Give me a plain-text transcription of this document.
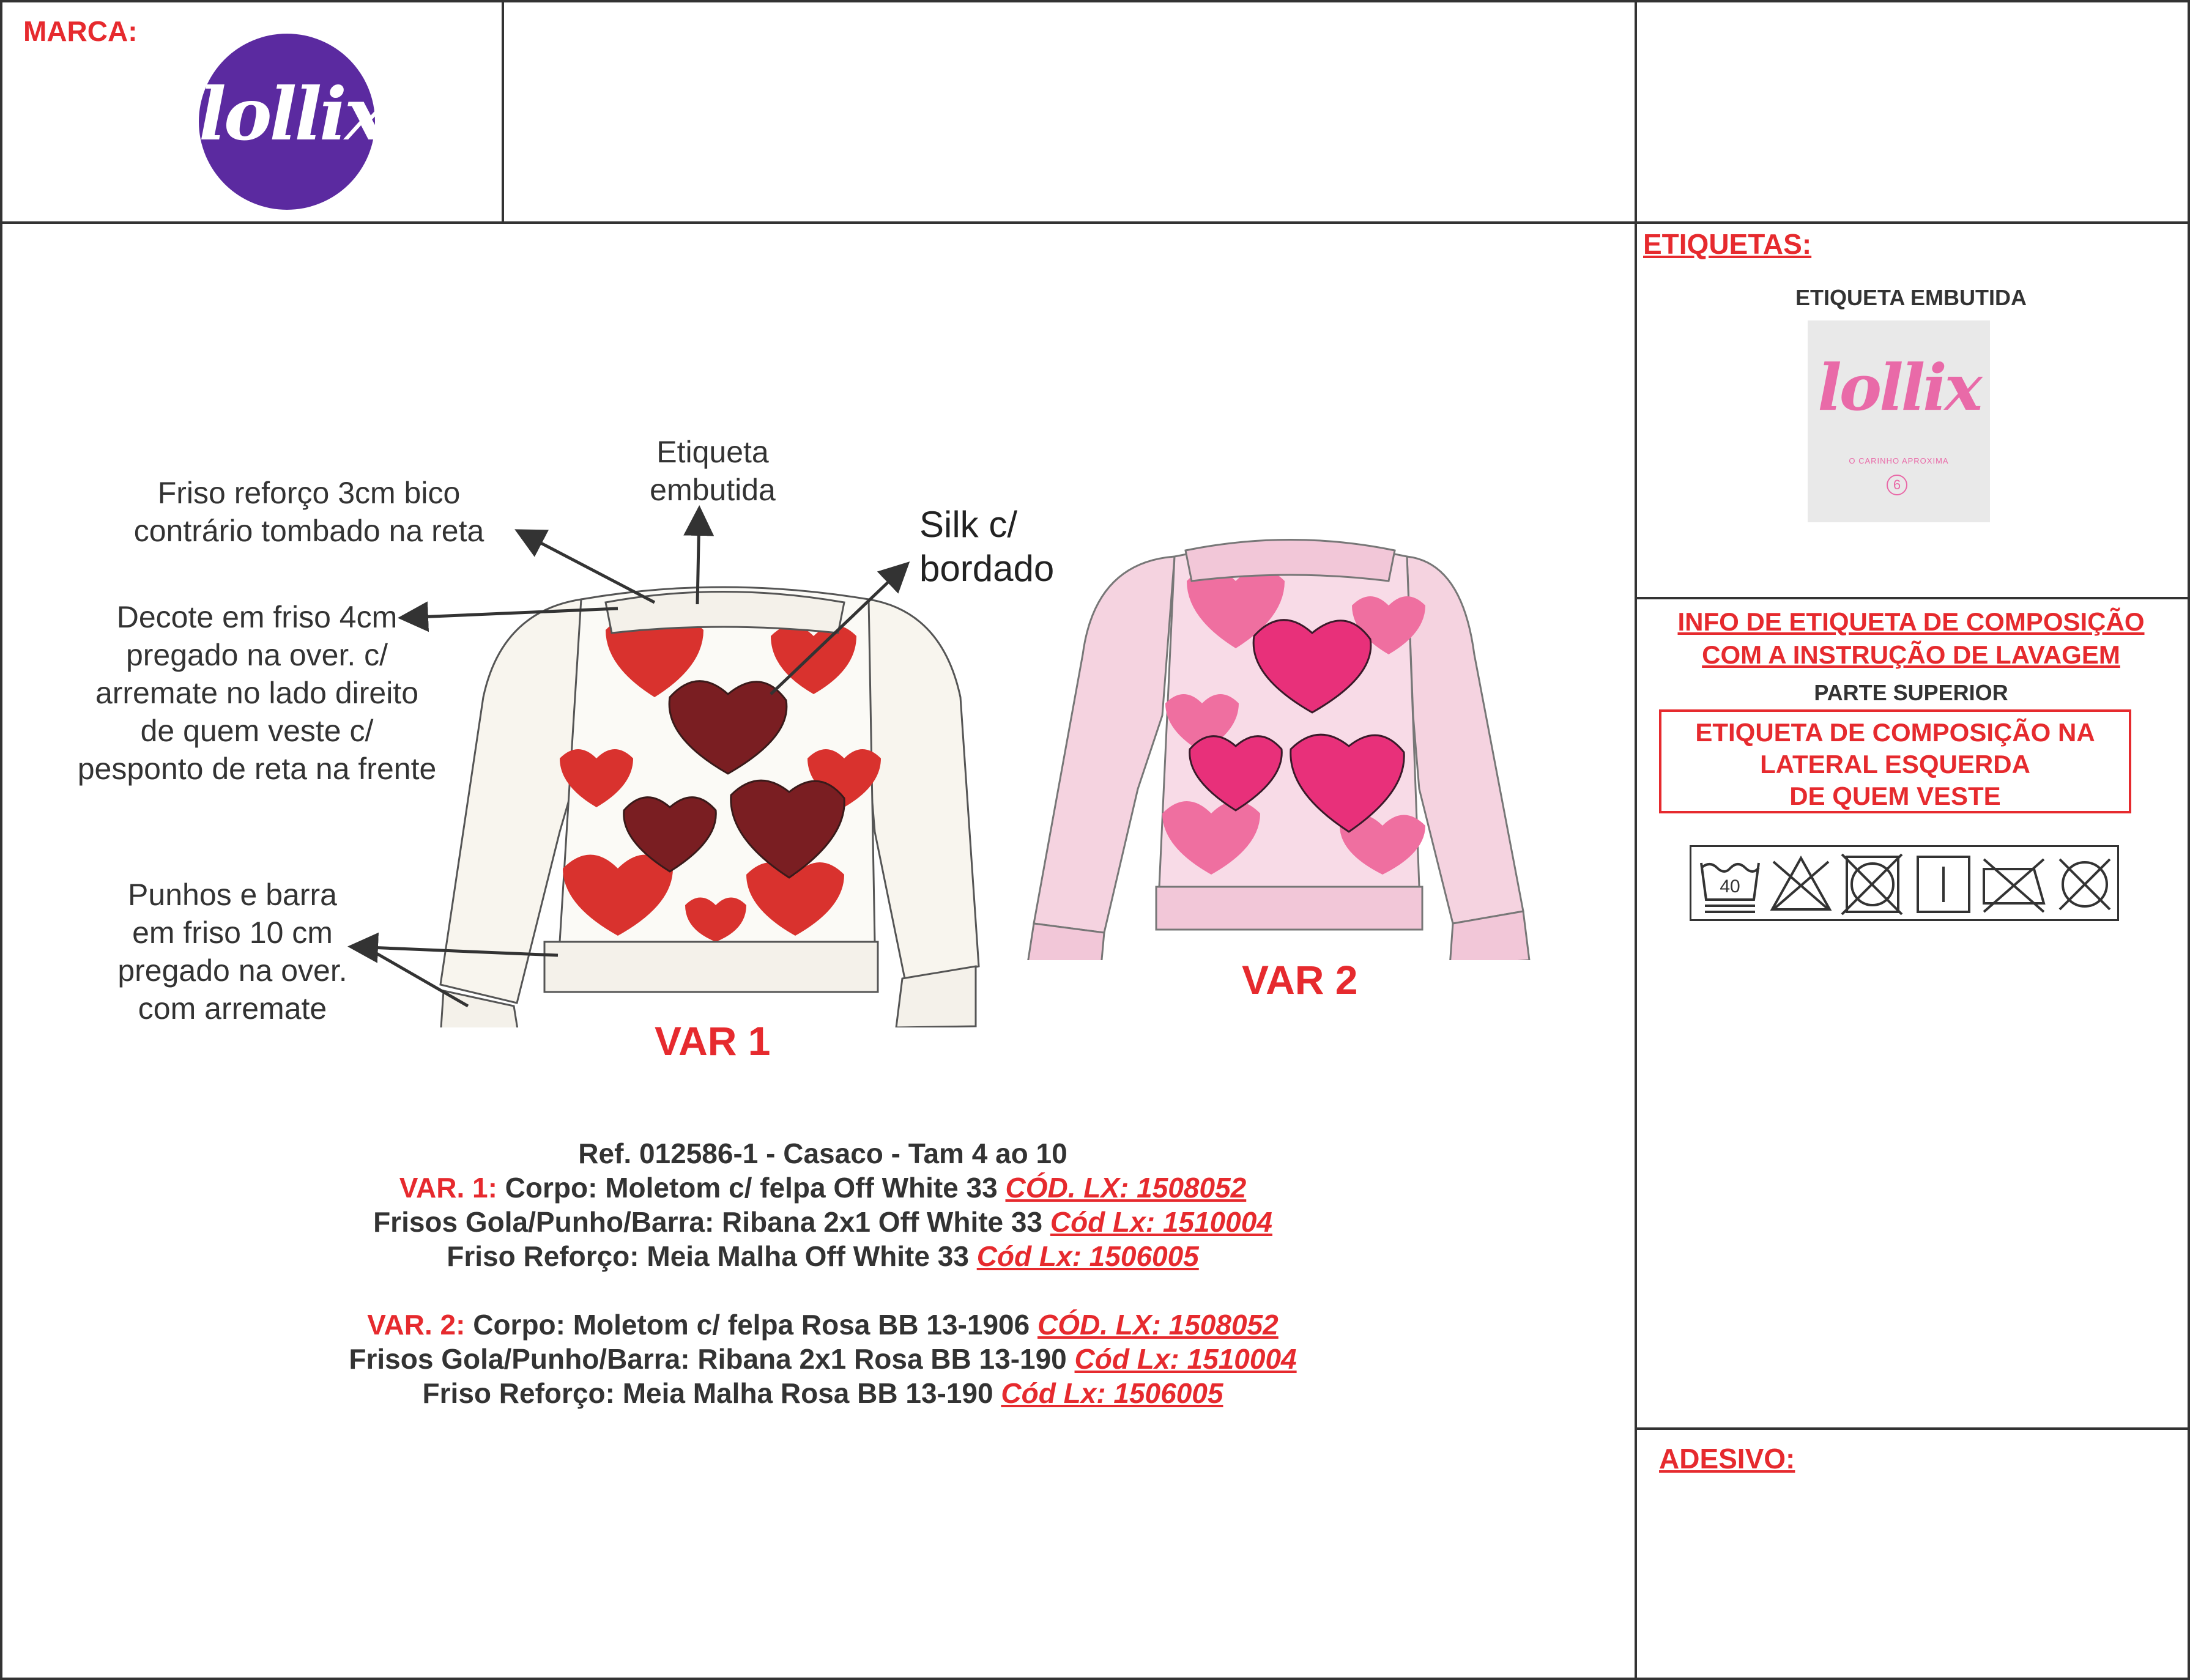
MARCA:
lollix
ETIQUETAS:
ETIQUETA EMBUTIDA
lollix
O CARINHO APROXIMA
6
INFO DE ETIQUETA DE COMPOSIÇÃO
COM A INSTRUÇÃO DE LAVAGEM
PARTE SUPERIOR
ETIQUETA DE COMPOSIÇÃO NA
LATERAL ESQUERDA
DE QUEM VESTE
40
ADESIVO:
Etiqueta
embutida
Friso reforço 3cm bico
contrário tombado na reta
Decote em friso 4cm
pregado na over. c/
arremate no lado direito
de quem veste c/
pesponto de reta na frente
Silk c/
bordado
Punhos e barra
em friso 10 cm
pregado na over.
com arremate
VAR 1
VAR 2
Ref. 012586-1 - Casaco - Tam 4 ao 10
VAR. 1: Corpo: Moletom c/ felpa Off White 33 CÓD. LX: 1508052
Frisos Gola/Punho/Barra: Ribana 2x1 Off White 33 Cód Lx: 1510004
Friso Reforço: Meia Malha Off White 33 Cód Lx: 1506005
VAR. 2: Corpo: Moletom c/ felpa Rosa BB 13-1906 CÓD. LX: 1508052
Frisos Gola/Punho/Barra: Ribana 2x1 Rosa BB 13-190 Cód Lx: 1510004
Friso Reforço: Meia Malha Rosa BB 13-190 Cód Lx: 1506005
